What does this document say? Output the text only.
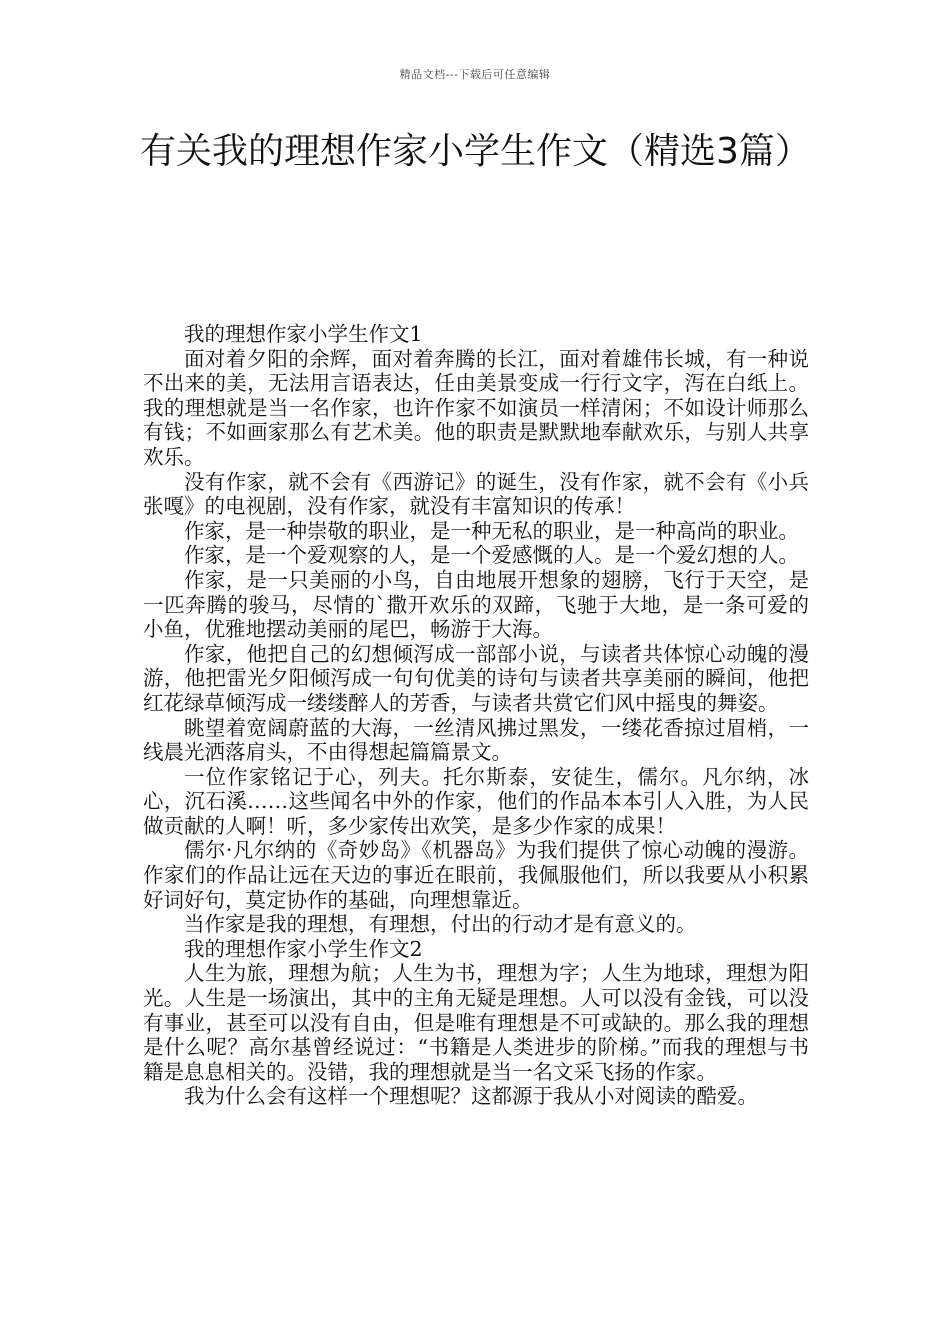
精品文档---下载后可任意编辑
有关我的理想作家小学生作文（精选3篇）

我的理想作家小学生作文1

面对着夕阳的余辉，面对着奔腾的长江，面对着雄伟长城，有一种说不出来的美，无法用言语表达，任由美景变成一行行文字，泻在白纸上。我的理想就是当一名作家，也许作家不如演员一样清闲；不如设计师那么有钱；不如画家那么有艺术美。他的职责是默默地奉献欢乐，与别人共享欢乐。

没有作家，就不会有《西游记》的诞生，没有作家，就不会有《小兵张嘎》的电视剧，没有作家，就没有丰富知识的传承！

作家，是一种崇敬的职业，是一种无私的职业，是一种高尚的职业。

作家，是一个爱观察的人，是一个爱感慨的人。是一个爱幻想的人。

作家，是一只美丽的小鸟，自由地展开想象的翅膀，飞行于天空，是一匹奔腾的骏马，尽情的`撒开欢乐的双蹄，飞驰于大地，是一条可爱的小鱼，优雅地摆动美丽的尾巴，畅游于大海。

作家，他把自己的幻想倾泻成一部部小说，与读者共体惊心动魄的漫游，他把雷光夕阳倾泻成一句句优美的诗句与读者共享美丽的瞬间，他把红花绿草倾泻成一缕缕醉人的芳香，与读者共赏它们风中摇曳的舞姿。

眺望着宽阔蔚蓝的大海，一丝清风拂过黑发，一缕花香掠过眉梢，一线晨光洒落肩头，不由得想起篇篇景文。

一位作家铭记于心，列夫。托尔斯泰，安徒生，儒尔。凡尔纳，冰心，沉石溪……这些闻名中外的作家，他们的作品本本引人入胜，为人民做贡献的人啊！听，多少家传出欢笑，是多少作家的成果！

儒尔·凡尔纳的《奇妙岛》《机器岛》为我们提供了惊心动魄的漫游。作家们的作品让远在天边的事近在眼前，我佩服他们，所以我要从小积累好词好句，莫定协作的基础，向理想靠近。

当作家是我的理想，有理想，付出的行动才是有意义的。

我的理想作家小学生作文2

人生为旅，理想为航；人生为书，理想为字；人生为地球，理想为阳光。人生是一场演出，其中的主角无疑是理想。人可以没有金钱，可以没有事业，甚至可以没有自由，但是唯有理想是不可或缺的。那么我的理想是什么呢？高尔基曾经说过：“书籍是人类进步的阶梯。”而我的理想与书籍是息息相关的。没错，我的理想就是当一名文采飞扬的作家。

我为什么会有这样一个理想呢？这都源于我从小对阅读的酷爱。
